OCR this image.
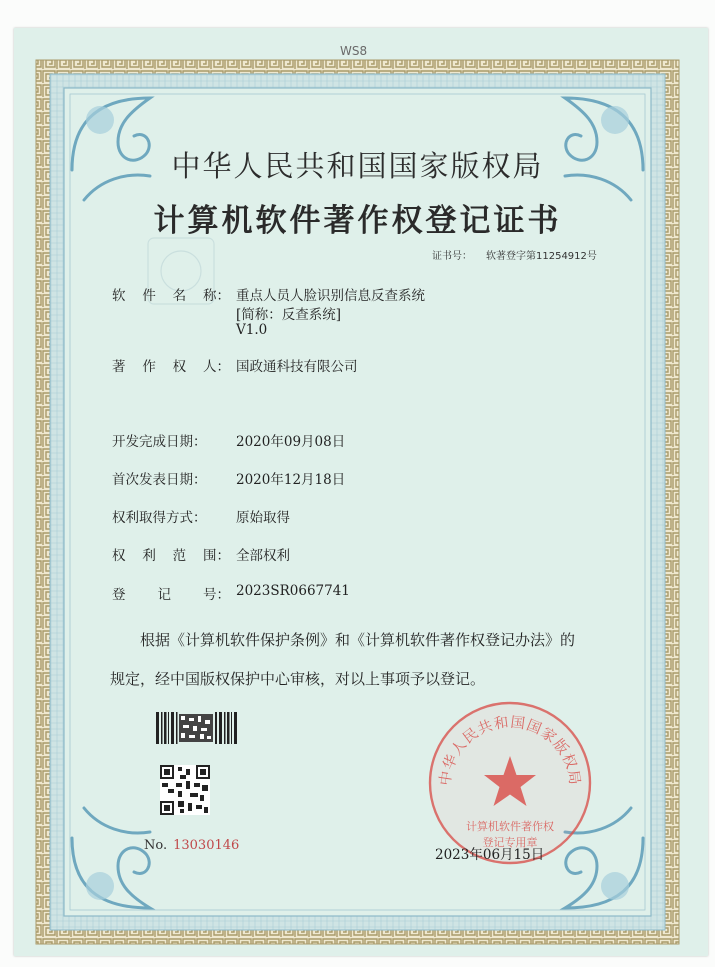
WS8
中华人民共和国国家版权局
计算机软件著作权登记证书
证书号： 软著登字第11254912号
软 件 名 称： 重点人员人脸识别信息反查系统
[简称：反查系统]
V1.0
著 作 权 人： 国政通科技有限公司
开发完成日期：	2020年09月08日
首次发表日期：	2020年12月18日
权利取得方式：	原始取得
权 利 范 围： 全部权利
登 记 号： 2023SR0667741
根据《计算机软件保护条例》和《计算机软件著作权登记办法》的
规定，经中国版权保护中心审核，对以上事项予以登记。
No. 13030146
中华人民共和国国家版权局
计算机软件著作权
登记专用章
2023年06月15日
